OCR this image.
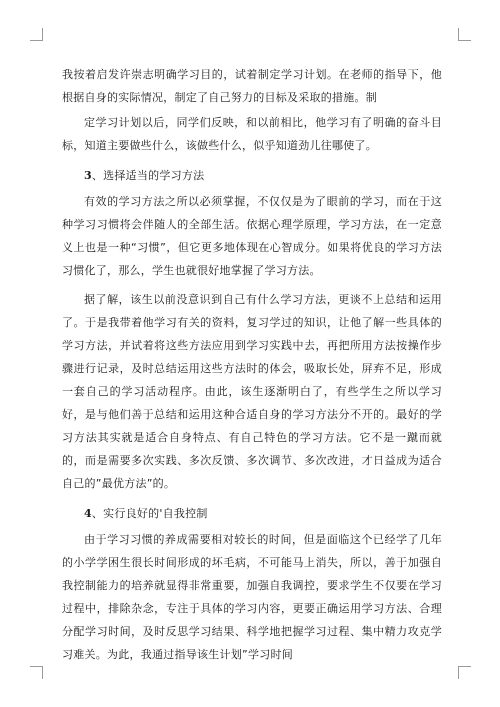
我按着启发许崇志明确学习目的，试着制定学习计划。在老师的指导下，他根据自身的实际情况，制定了自己努力的目标及采取的措施。制

定学习计划以后，同学们反映，和以前相比，他学习有了明确的奋斗目标，知道主要做些什么，该做些什么，似乎知道劲儿往哪使了。

3、选择适当的学习方法

有效的学习方法之所以必须掌握，不仅仅是为了眼前的学习，而在于这种学习习惯将会伴随人的全部生活。依据心理学原理，学习方法，在一定意义上也是一种“习惯”，但它更多地体现在心智成分。如果将优良的学习方法习惯化了，那么，学生也就很好地掌握了学习方法。

据了解，该生以前没意识到自己有什么学习方法，更谈不上总结和运用了。于是我带着他学习有关的资料，复习学过的知识，让他了解一些具体的学习方法，并试着将这些方法应用到学习实践中去，再把所用方法按操作步骤进行记录，及时总结运用这些方法时的体会，吸取长处，屏弃不足，形成一套自己的学习活动程序。由此，该生逐渐明白了，有些学生之所以学习好，是与他们善于总结和运用这种合适自身的学习方法分不开的。最好的学习方法其实就是适合自身特点、有自己特色的学习方法。它不是一蹴而就的，而是需要多次实践、多次反馈、多次调节、多次改进，才日益成为适合自己的”最优方法”的。

4、实行良好的'自我控制

由于学习习惯的养成需要相对较长的时间，但是面临这个已经学了几年的小学学困生很长时间形成的坏毛病，不可能马上消失，所以，善于加强自我控制能力的培养就显得非常重要，加强自我调控，要求学生不仅要在学习过程中，排除杂念，专注于具体的学习内容，更要正确运用学习方法、合理分配学习时间，及时反思学习结果、科学地把握学习过程、集中精力攻克学习难关。为此，我通过指导该生计划”学习时间
